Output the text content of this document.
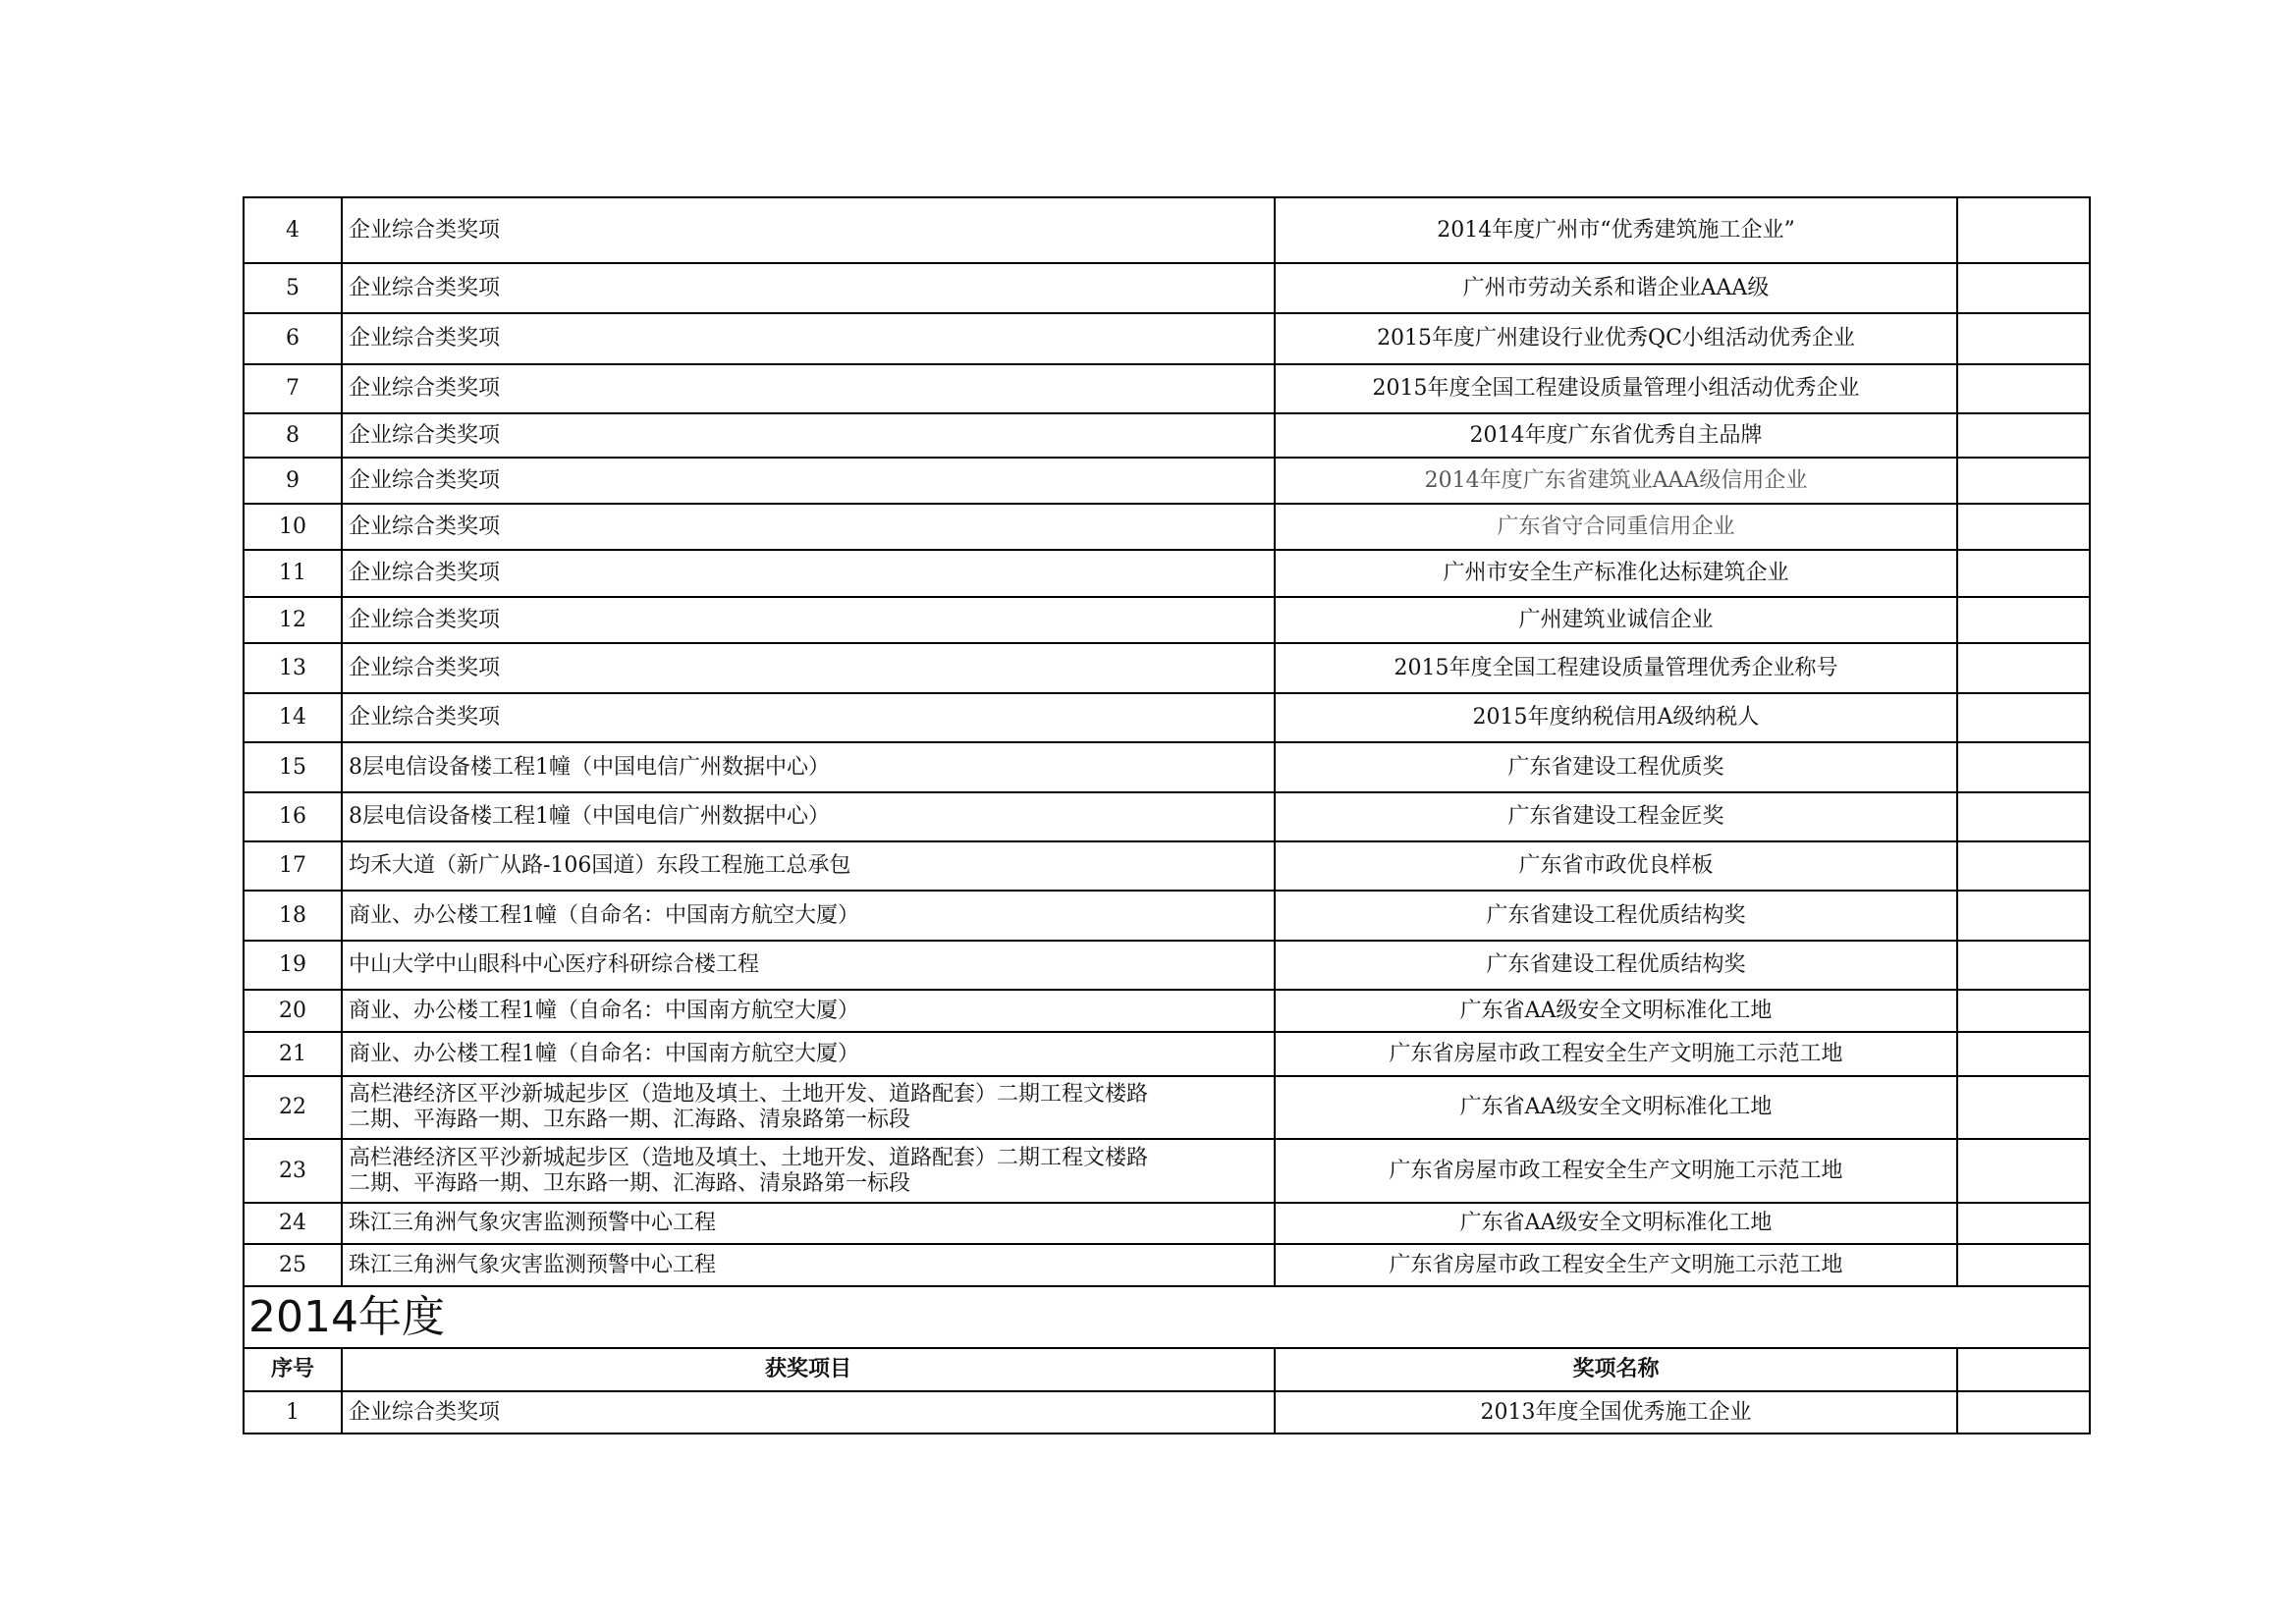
4	企业综合类奖项	2014年度广州市“优秀建筑施工企业”	
5	企业综合类奖项	广州市劳动关系和谐企业AAA级	
6	企业综合类奖项	2015年度广州建设行业优秀QC小组活动优秀企业	
7	企业综合类奖项	2015年度全国工程建设质量管理小组活动优秀企业	
8	企业综合类奖项	2014年度广东省优秀自主品牌	
9	企业综合类奖项	2014年度广东省建筑业AAA级信用企业	
10	企业综合类奖项	广东省守合同重信用企业	
11	企业综合类奖项	广州市安全生产标准化达标建筑企业	
12	企业综合类奖项	广州建筑业诚信企业	
13	企业综合类奖项	2015年度全国工程建设质量管理优秀企业称号	
14	企业综合类奖项	2015年度纳税信用A级纳税人	
15	8层电信设备楼工程1幢（中国电信广州数据中心）	广东省建设工程优质奖	
16	8层电信设备楼工程1幢（中国电信广州数据中心）	广东省建设工程金匠奖	
17	均禾大道（新广从路-106国道）东段工程施工总承包	广东省市政优良样板	
18	商业、办公楼工程1幢（自命名：中国南方航空大厦）	广东省建设工程优质结构奖	
19	中山大学中山眼科中心医疗科研综合楼工程	广东省建设工程优质结构奖	
20	商业、办公楼工程1幢（自命名：中国南方航空大厦）	广东省AA级安全文明标准化工地	
21	商业、办公楼工程1幢（自命名：中国南方航空大厦）	广东省房屋市政工程安全生产文明施工示范工地	
22	高栏港经济区平沙新城起步区（造地及填土、土地开发、道路配套）二期工程文楼路
二期、平海路一期、卫东路一期、汇海路、清泉路第一标段	广东省AA级安全文明标准化工地	
23	高栏港经济区平沙新城起步区（造地及填土、土地开发、道路配套）二期工程文楼路
二期、平海路一期、卫东路一期、汇海路、清泉路第一标段	广东省房屋市政工程安全生产文明施工示范工地	
24	珠江三角洲气象灾害监测预警中心工程	广东省AA级安全文明标准化工地	
25	珠江三角洲气象灾害监测预警中心工程	广东省房屋市政工程安全生产文明施工示范工地	
2014年度			
序号	获奖项目	奖项名称	
1	企业综合类奖项	2013年度全国优秀施工企业	
